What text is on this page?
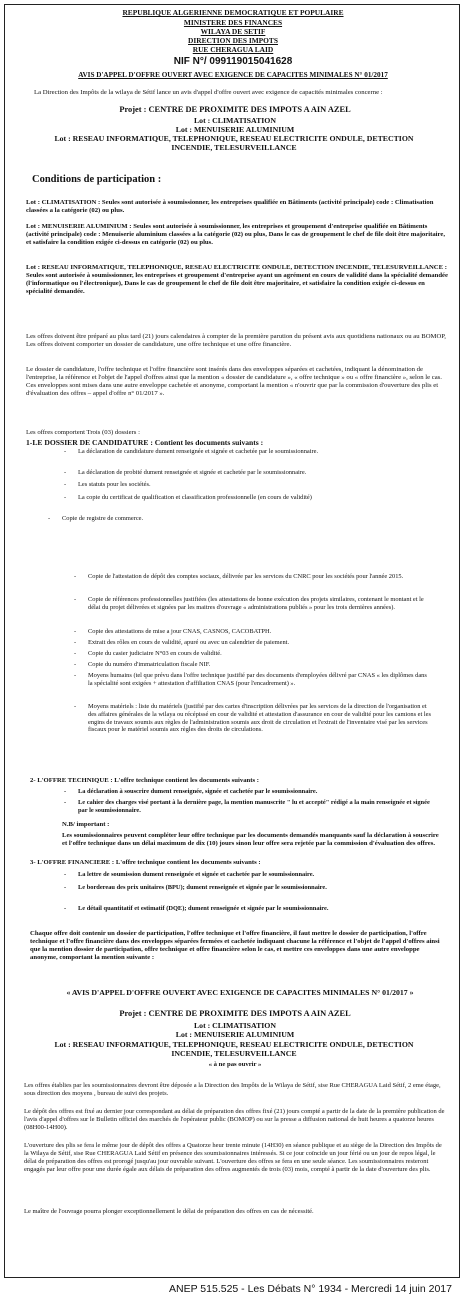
REPUBLIQUE ALGERIENNE DEMOCRATIQUE ET POPULAIRE
MINISTERE DES FINANCES
WILAYA DE SETIF
DIRECTION DES IMPOTS
RUE CHERAGUA LAID
NIF N°/ 099119015041628
AVIS D'APPEL D'OFFRE OUVERT AVEC EXIGENCE DE CAPACITES MINIMALES N° 01/2017
La Direction des Impôts de la wilaya de Sétif lance un avis d'appel d'offre ouvert avec exigence de capacités minimales concerne :
Projet : CENTRE DE PROXIMITE DES IMPOTS A AIN AZEL
Lot : CLIMATISATION
Lot : MENUISERIE ALUMINIUM
Lot : RESEAU INFORMATIQUE, TELEPHONIQUE, RESEAU ELECTRICITE ONDULE, DETECTION INCENDIE, TELESURVEILLANCE
Conditions de participation :
Lot : CLIMATISATION : Seules sont autorisée à soumissionner, les entreprises qualifiée en Bâtiments (activité principale) code : Climatisation classées a la catégorie (02) ou plus.
Lot : MENUISERIE ALUMINIUM : Seules sont autorisée à soumissionner, les entreprises et groupement d'entreprise qualifiée en Bâtiments (activité principale) code : Menuiserie aluminium classées a la catégorie (02) ou plus, Dans le cas de groupement le chef de file doit être majoritaire, et satisfaire la condition exigée ci-dessus en catégorie (02) ou plus.
Lot : RESEAU INFORMATIQUE, TELEPHONIQUE, RESEAU ELECTRICITE ONDULE, DETECTION INCENDIE, TELESURVEILLANCE : Seules sont autorisée à soumissionner, les entreprises et groupement d'entreprise ayant un agrément en cours de validité dans la spécialité demandée (l'informatique ou l'électronique), Dans le cas de groupement le chef de file doit être majoritaire, et satisfaire la condition exigée ci-dessus en spécialité demandée.
Les offres doivent être préparé au plus tard (21) jours calendaires à compter de la première parution du présent avis aux quotidiens nationaux ou au BOMOP, Les offres doivent comporter un dossier de candidature, une offre technique et une offre financière.
Le dossier de candidature, l'offre technique et l'offre financière sont insérés dans des enveloppes séparées et cachetées, indiquant la dénomination de l'entreprise, la référence et l'objet de l'appel d'offres ainsi que la mention « dossier de candidature », « offre technique » ou « offre financière », selon le cas. Ces enveloppes sont mises dans une autre enveloppe cachetée et anonyme, comportant la mention « n'ouvrir que par la commission d'ouverture des plis et d'évaluation des offres – appel d'offre n° 01/2017 ».
Les offres comportent Trois (03) dossiers :
1-LE DOSSIER DE CANDIDATURE : Contient les documents suivants :
- La déclaration de candidature dument renseignée et signée et cachetée par le soumissionnaire.
- La déclaration de probité dument renseignée et signée et cachetée par le soumissionnaire.
- Les statuts pour les sociétés.
- La copie du certificat de qualification et classification professionnelle (en cours de validité)
- Copie de registre de commerce.
- Copie de l'attestation de dépôt des comptes sociaux, délivrée par les services du CNRC pour les sociétés pour l'année 2015.
- Copie de références professionnelles justifiées (les attestations de bonne exécution des projets similaires, contenant le montant et le délai du projet délivrées et signées par les maitres d'ouvrage « administrations publiés » pour les trois dernières années).
- Copie des attestations de mise a jour CNAS, CASNOS, CACOBATPH.
- Extrait des rôles en cours de validité, apuré ou avec un calendrier de paiement.
- Copie du casier judiciaire N°03 en cours de validité.
- Copie du numéro d'immatriculation fiscale NIF.
- Moyens humains (tel que prévu dans l'offre technique justifié par des documents d'employées délivré par CNAS « les diplômes dans la spécialité sont exigées + attestation d'affiliation CNAS (pour l'encadrement) ».
- Moyens matériels : liste du matériels (justifié par des cartes d'inscription délivrées par les services de la direction de l'organisation et des affaires générales de la wilaya ou récépissé en cour de validité et attestation d'assurance en cour de validité pour les camions et les engins de travaux soumis aux règles de l'administration soumis aux droit de circulation et l'extrait de l'inventaire visé par les services fiscaux pour le matériel soumis aux règles des droits de circulations.
2- L'OFFRE TECHNIQUE : L'offre technique contient les documents suivants :
- La déclaration à souscrire dument renseignée, signée et cachetée par le soumissionnaire.
- Le cahier des charges visé portant à la dernière page, la mention manuscrite " lu et accepté" rédigé a la main renseignée et signée par le soumissionnaire.
N.B/ important :
Les soumissionnaires peuvent compléter leur offre technique par les documents demandés manquants sauf la déclaration à souscrire et l'offre technique dans un délai maximum de dix (10) jours sinon leur offre sera rejetée par la commission d'évaluation des offres.
3- L'OFFRE FINANCIERE : L'offre technique contient les documents suivants :
- La lettre de soumission dument renseignée et signée et cachetée par le soumissionnaire.
- Le bordereau des prix unitaires (BPU); dument renseignée et signée par le soumissionnaire.
- Le détail quantitatif et estimatif (DQE); dument renseignée et signée par le soumissionnaire.
Chaque offre doit contenir un dossier de participation, l'offre technique et l'offre financière, il faut mettre le dossier de participation, l'offre technique et l'offre financière dans des enveloppes séparées fermées et cachetée indiquant chacune la référence et l'objet de l'appel d'offres ainsi que la mention dossier de participation, offre technique et offre financière selon le cas, et mettre ces enveloppes dans une autre enveloppe anonyme, comportant la mention suivante :
« AVIS D'APPEL D'OFFRE OUVERT AVEC EXIGENCE DE CAPACITES MINIMALES N° 01/2017 »
Projet : CENTRE DE PROXIMITE DES IMPOTS A AIN AZEL
Lot : CLIMATISATION
Lot : MENUISERIE ALUMINIUM
Lot : RESEAU INFORMATIQUE, TELEPHONIQUE, RESEAU ELECTRICITE ONDULE, DETECTION INCENDIE, TELESURVEILLANCE
« à ne pas ouvrir »
Les offres établies par les soumissionnaires devront être déposée a la Direction des Impôts de la Wilaya de Sétif, sise Rue CHERAGUA Laid Sétif, 2 eme étage, sous direction des moyens , bureau de suivi des projets.
Le dépôt des offres est fixé au dernier jour correspondant au délai de préparation des offres fixé (21) jours compté a partir de la date de la première publication de l'avis d'appel d'offres sur le Bulletin officiel des marchés de l'opérateur public (BOMOP) ou sur la presse a diffusion national de huit heures a quatorze heures (08H00-14H00).
L'ouverture des plis se fera le même jour de dépôt des offres a Quatorze heur trente minute (14H30) en séance publique et au siège de la Direction des Impôts de la Wilaya de Sétif, sise Rue CHERAGUA Laid Sétif en présence des soumissionnaires intéressés. Si ce jour coïncide un jour férié ou un jour de repos légal, le délai de préparation des offres est prorogé jusqu'au jour ouvrable suivant. L'ouverture des offres se fera en une seule séance. Les soumissionnaires resteront engagés par leur offre pour une durée égale aux délais de préparation des offres augmentés de trois (03) mois, compté à partir de la date d'ouverture des plis.
Le maître de l'ouvrage pourra plonger exceptionnellement le délai de préparation des offres en cas de nécessité.
ANEP 515.525 - Les Débats N° 1934 - Mercredi 14 juin 2017
